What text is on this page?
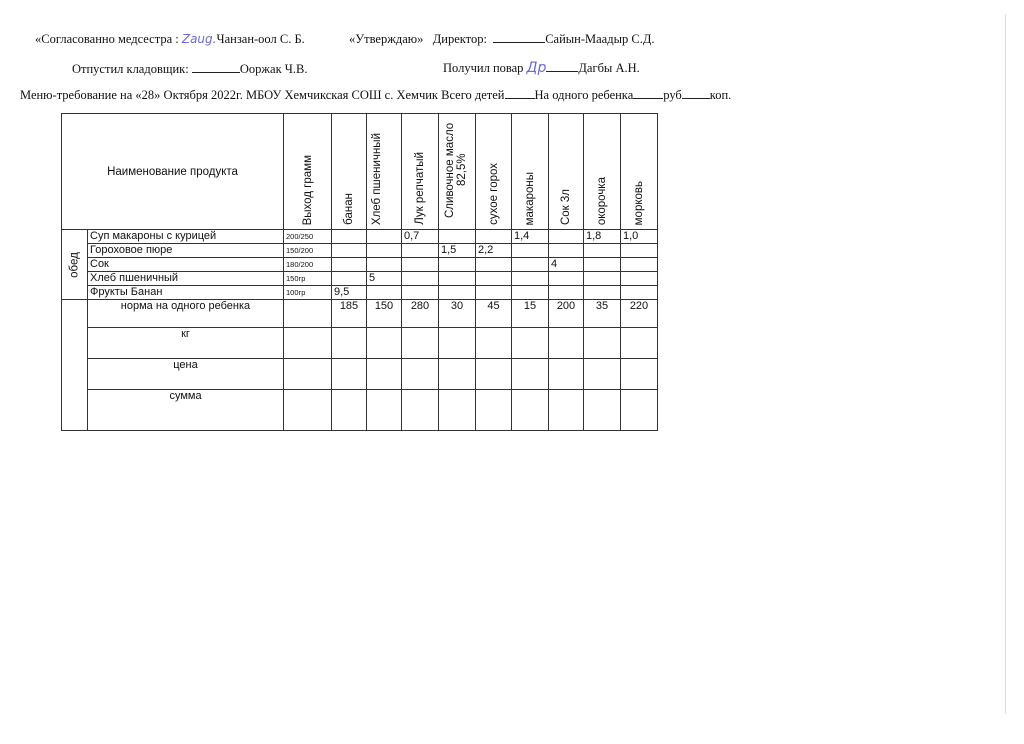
«Согласованно медсестра : Zaug.Чанзан-оол С. Б.	«Утверждаю» Директор:	Сайын-Маадыр С.Д.
Отпустил кладовщик:	Ооржак Ч.В.	Получил повар Др	Дагбы А.Н.
Меню-требование на «28» Октября 2022г. МБОУ Хемчикская СОШ с. Хемчик Всего детей На одного ребенка руб коп.
Наименование продукта		Выход грамм	банан	Хлеб пшеничный	Лук репчатый	Сливочное масло 82,5%	сухое горох	макароны	Сок 3л	окорочка	морковь

обед	Суп макароны с курицей	200/250			0,7			1,4		1,8	1,0
	Гороховое пюре	150/200				1,5	2,2				
	Сок	180/200							4		
	Хлеб пшеничный	150гр		5							
	Фрукты Банан	100гр	9,5								
	норма на одного ребенка		185	150	280	30	45	15	200	35	220
	кг										
	цена										
	сумма										
